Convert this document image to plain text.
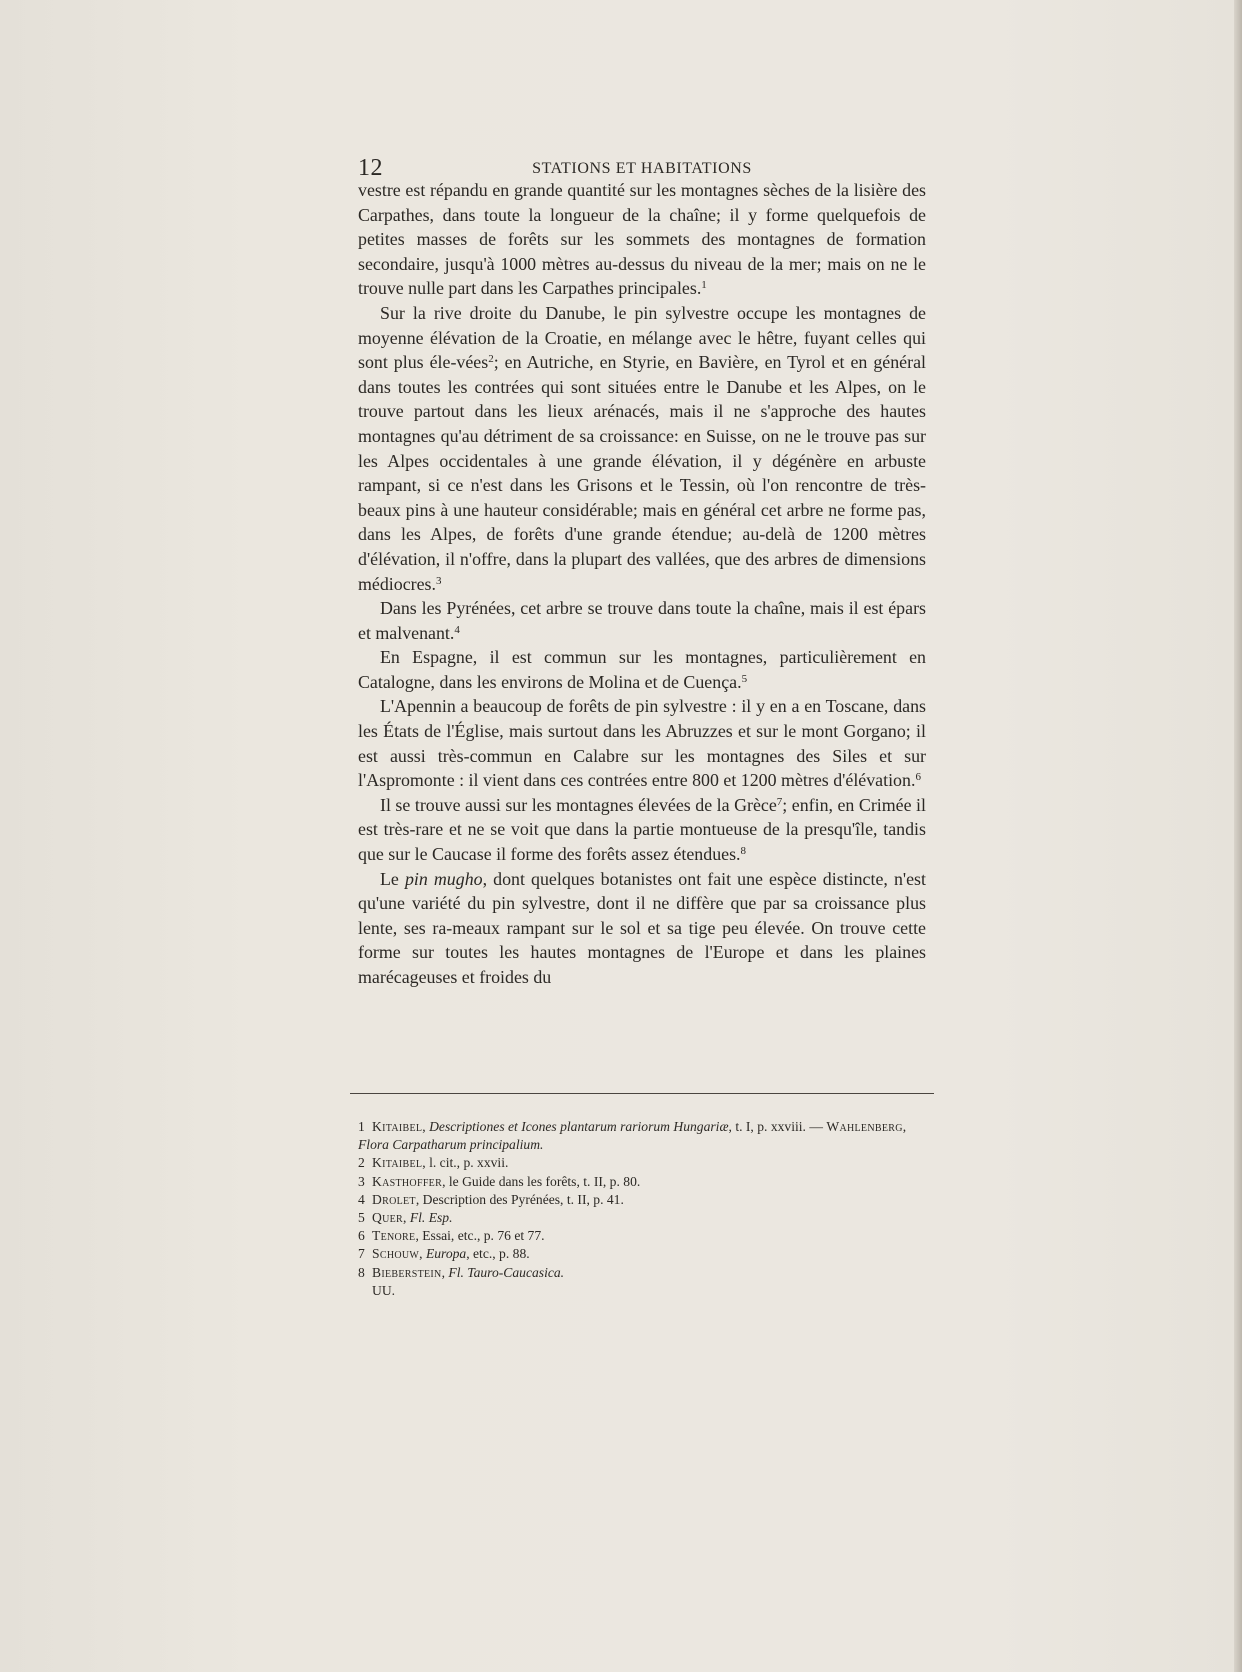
12	STATIONS ET HABITATIONS

vestre est répandu en grande quantité sur les montagnes sèches de la lisière des Carpathes, dans toute la longueur de la chaîne; il y forme quelquefois de petites masses de forêts sur les sommets des montagnes de formation secondaire, jusqu'à 1000 mètres au-dessus du niveau de la mer; mais on ne le trouve nulle part dans les Carpathes principales.$^1$

Sur la rive droite du Danube, le pin sylvestre occupe les montagnes de moyenne élévation de la Croatie, en mélange avec le hêtre, fuyant celles qui sont plus éle-vées$^2$; en Autriche, en Styrie, en Bavière, en Tyrol et en général dans toutes les contrées qui sont situées entre le Danube et les Alpes, on le trouve partout dans les lieux arénacés, mais il ne s'approche des hautes montagnes qu'au détriment de sa croissance: en Suisse, on ne le trouve pas sur les Alpes occidentales à une grande élévation, il y dégénère en arbuste rampant, si ce n'est dans les Grisons et le Tessin, où l'on rencontre de très-beaux pins à une hauteur considérable; mais en général cet arbre ne forme pas, dans les Alpes, de forêts d'une grande étendue; au-delà de 1200 mètres d'élévation, il n'offre, dans la plupart des vallées, que des arbres de dimensions médiocres.$^3$

Dans les Pyrénées, cet arbre se trouve dans toute la chaîne, mais il est épars et malvenant.$^4$

En Espagne, il est commun sur les montagnes, particulièrement en Catalogne, dans les environs de Molina et de Cuença.$^5$

L'Apennin a beaucoup de forêts de pin sylvestre : il y en a en Toscane, dans les États de l'Église, mais surtout dans les Abruzzes et sur le mont Gorgano; il est aussi très-commun en Calabre sur les montagnes des Siles et sur l'Aspromonte : il vient dans ces contrées entre 800 et 1200 mètres d'élévation.$^6$

Il se trouve aussi sur les montagnes élevées de la Grèce$^7$; enfin, en Crimée il est très-rare et ne se voit que dans la partie montueuse de la presqu'île, tandis que sur le Caucase il forme des forêts assez étendues.$^8$

Le pin mugho, dont quelques botanistes ont fait une espèce distincte, n'est qu'une variété du pin sylvestre, dont il ne diffère que par sa croissance plus lente, ses ra-meaux rampant sur le sol et sa tige peu élevée. On trouve cette forme sur toutes les hautes montagnes de l'Europe et dans les plaines marécageuses et froides du

1 Kitaibel, Descriptiones et Icones plantarum rariorum Hungariæ, t. I, p. xxviii. — Wahlenberg,
Flora Carpatharum principalium.

2 Kitaibel, l. cit., p. xxvii.

3 Kasthoffer, le Guide dans les forêts, t. II, p. 80.

4 Drolet, Description des Pyrénées, t. II, p. 41.

5 Quer, Fl. Esp.

6 Tenore, Essai, etc., p. 76 et 77.

7 Schouw, Europa, etc., p. 88.

8 Bieberstein, Fl. Tauro-Caucasica.

UU.
